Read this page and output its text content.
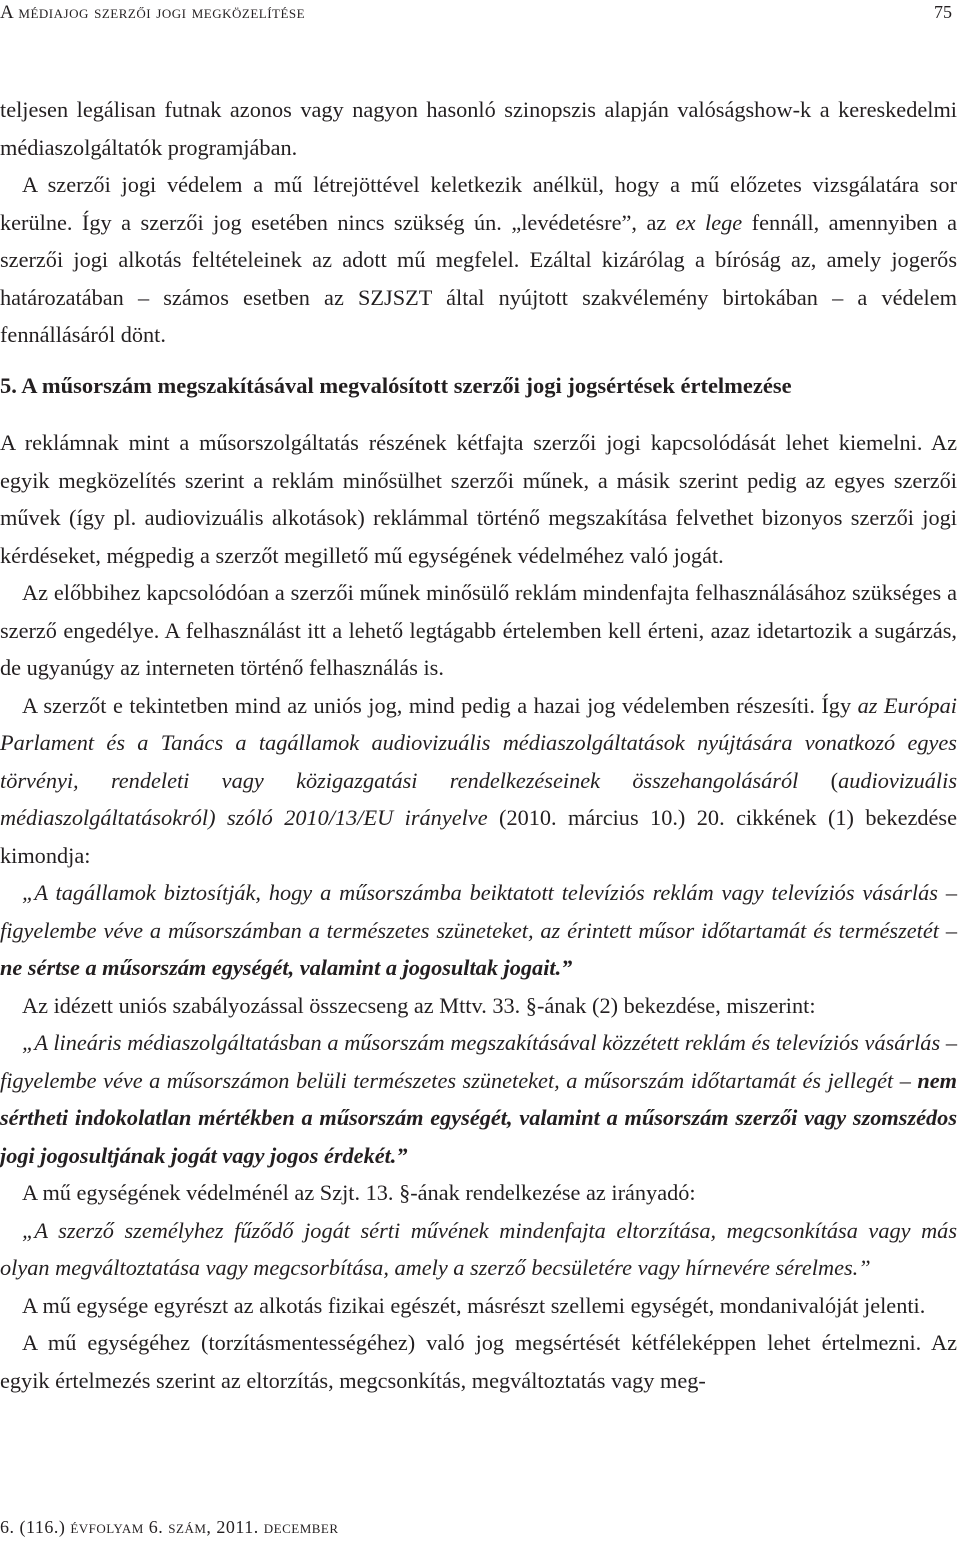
A médiajog szerzői jogi megközelítése	75

teljesen legálisan futnak azonos vagy nagyon hasonló szinopszis alapján valóságshow-k a kereskedelmi médiaszolgáltatók programjában.

A szerzői jogi védelem a mű létrejöttével keletkezik anélkül, hogy a mű előzetes vizsgálatára sor kerülne. Így a szerzői jog esetében nincs szükség ún. „levédetésre”, az ex lege fennáll, amennyiben a szerzői jogi alkotás feltételeinek az adott mű megfelel. Ezáltal kizárólag a bíróság az, amely jogerős határozatában – számos esetben az SZJSZT által nyújtott szakvélemény birtokában – a védelem fennállásáról dönt.

5. A műsorszám megszakításával megvalósított szerzői jogi jogsértések értelmezése

A reklámnak mint a műsorszolgáltatás részének kétfajta szerzői jogi kapcsolódását lehet kiemelni. Az egyik megközelítés szerint a reklám minősülhet szerzői műnek, a másik szerint pedig az egyes szerzői művek (így pl. audiovizuális alkotások) reklámmal történő megszakítása felvethet bizonyos szerzői jogi kérdéseket, mégpedig a szerzőt megillető mű egységének védelméhez való jogát.

Az előbbihez kapcsolódóan a szerzői műnek minősülő reklám mindenfajta felhasználásához szükséges a szerző engedélye. A felhasználást itt a lehető legtágabb értelemben kell érteni, azaz idetartozik a sugárzás, de ugyanúgy az interneten történő felhasználás is.

A szerzőt e tekintetben mind az uniós jog, mind pedig a hazai jog védelemben részesíti. Így az Európai Parlament és a Tanács a tagállamok audiovizuális médiaszolgáltatások nyújtására vonatkozó egyes törvényi, rendeleti vagy közigazgatási rendelkezéseinek összehangolásáról (audiovizuális médiaszolgáltatásokról) szóló 2010/13/EU irányelve (2010. március 10.) 20. cikkének (1) bekezdése kimondja:

„A tagállamok biztosítják, hogy a műsorszámba beiktatott televíziós reklám vagy televíziós vásárlás – figyelembe véve a műsorszámban a természetes szüneteket, az érintett műsor időtartamát és természetét – ne sértse a műsorszám egységét, valamint a jogosultak jogait.”

Az idézett uniós szabályozással összecseng az Mttv. 33. §-ának (2) bekezdése, miszerint:

„A lineáris médiaszolgáltatásban a műsorszám megszakításával közzétett reklám és televíziós vásárlás – figyelembe véve a műsorszámon belüli természetes szüneteket, a műsorszám időtartamát és jellegét – nem sértheti indokolatlan mértékben a műsorszám egységét, valamint a műsorszám szerzői vagy szomszédos jogi jogosultjának jogát vagy jogos érdekét.”

A mű egységének védelménél az Szjt. 13. §-ának rendelkezése az irányadó:

„A szerző személyhez fűződő jogát sérti művének mindenfajta eltorzítása, megcsonkítása vagy más olyan megváltoztatása vagy megcsorbítása, amely a szerző becsületére vagy hírnevére sérelmes.”

A mű egysége egyrészt az alkotás fizikai egészét, másrészt szellemi egységét, mondanivalóját jelenti.

A mű egységéhez (torzításmentességéhez) való jog megsértését kétféleképpen lehet értelmezni. Az egyik értelmezés szerint az eltorzítás, megcsonkítás, megváltoztatás vagy meg-

6. (116.) évfolyam 6. szám, 2011. december
